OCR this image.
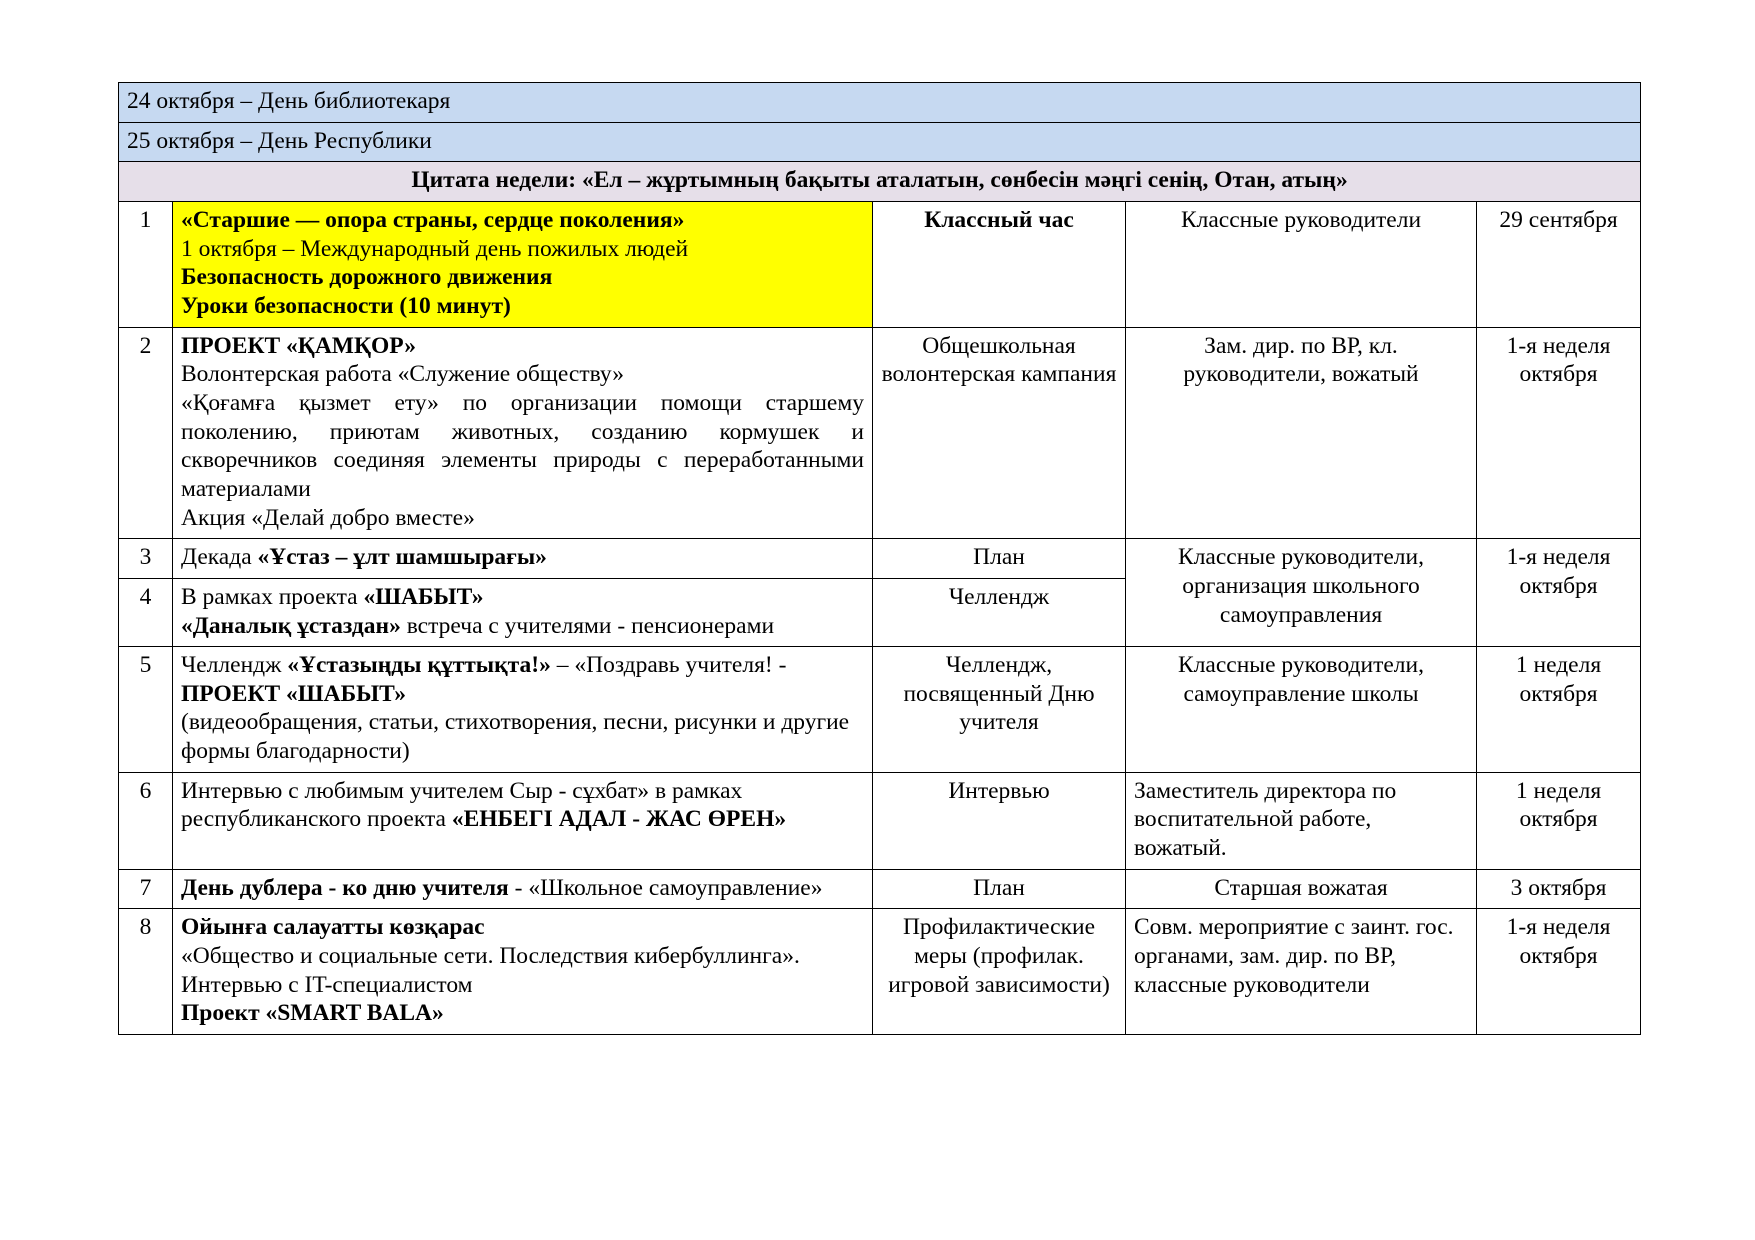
24 октября – День библиотекаря				
25 октября – День Республики				
Цитата недели: «Ел – жұртымның бақыты аталатын, сөнбесін мәңгі сенің, Отан, атың»				
1	«Старшие — опора страны, сердце поколения»
1 октября – Международный день пожилых людей
Безопасность дорожного движения
Уроки безопасности (10 минут)	Классный час	Классные руководители	29 сентября
2	ПРОЕКТ «ҚАМҚОР»
Волонтерская работа «Служение обществу»
«Қоғамға қызмет ету» по организации помощи старшему поколению, приютам животных, созданию кормушек и скворечников соединяя элементы природы с переработанными материалами
Акция «Делай добро вместе»	Общешкольная волонтерская кампания	Зам. дир. по ВР, кл. руководители, вожатый	1-я неделя октября
3	Декада «Ұстаз – ұлт шамшырағы»	План	Классные руководители, организация школьного самоуправления	1-я неделя октября
4	В рамках проекта «ШАБЫТ»
«Даналық ұстаздан» встреча с учителями - пенсионерами	Челлендж		
5	Челлендж «Ұстазыңды құттықта!» – «Поздравь учителя! - ПРОЕКТ «ШАБЫТ»
(видеообращения, статьи, стихотворения, песни, рисунки и другие формы благодарности)	Челлендж, посвященный Дню учителя	Классные руководители, самоуправление школы	1 неделя октября
6	Интервью с любимым учителем Сыр - сұхбат» в рамках республиканского проекта «ЕНБЕГІ АДАЛ - ЖАС ӨРЕН»	Интервью	Заместитель директора по воспитательной работе, вожатый.	1 неделя октября
7	День дублера - ко дню учителя - «Школьное самоуправление»	План	Старшая вожатая	3 октября
8	Ойынға салауатты көзқарас
«Общество и социальные сети. Последствия кибербуллинга». Интервью с IT-специалистом
Проект «SMART BALA»	Профилактические меры (профилак. игровой зависимости)	Совм. мероприятие с заинт. гос. органами, зам. дир. по ВР, классные руководители	1-я неделя октября
